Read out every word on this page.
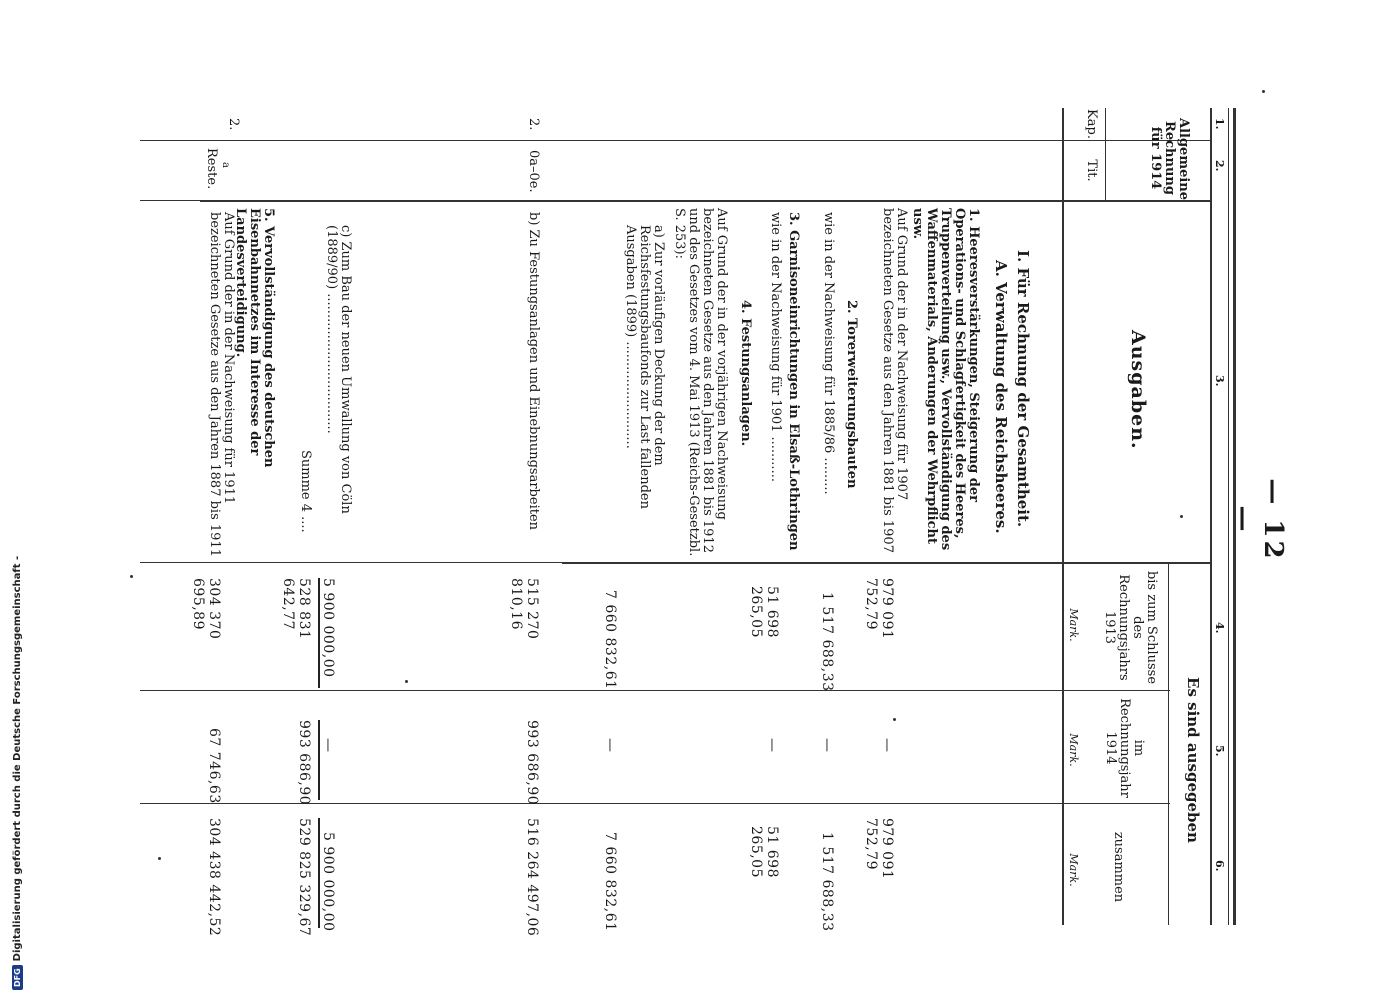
— 12 —
1.
2.
3.
4.
5.
6.
Allgemeine Rechnung für 1914
Kap.
Tit.
Ausgaben.
Es sind ausgegeben
bis zum Schlusse des Rechnungsjahrs 1913
im Rechnungsjahr 1914
zusammen
Mark.
Mark.
Mark.
I. Für Rechnung der Gesamtheit.
A. Verwaltung des Reichsheeres.
1. Heeresverstärkungen, Steigerung der Operations- und Schlagfertigkeit des Heeres, Truppenverteilung usw., Vervollständigung des Waffenmaterials, Änderungen der Wehrpflicht usw.
Auf Grund der in der Nachweisung für 1907 bezeichneten Gesetze aus den Jahren 1881 bis 1907
979 091 752,79
—
979 091 752,79
2. Torerweiterungsbauten
wie in der Nachweisung für 1885/86 .........
1 517 688,33
—
1 517 688,33
3. Garnisoneinrichtungen in Elsaß-Lothringen
wie in der Nachweisung für 1901 ...........
51 698 265,05
—
51 698 265,05
4. Festungsanlagen.
Auf Grund der in der vorjährigen Nachweisung bezeichneten Gesetze aus den Jahren 1881 bis 1912 und des Gesetzes vom 4. Mai 1913 (Reichs-Gesetzbl. S. 253):
a) Zur vorläufigen Deckung der dem Reichsfestungsbaufonds zur Last fallenden Ausgaben (1899) ..........................
7 660 832,61
—
7 660 832,61
2.
0a–0e.
b) Zu Festungsanlagen und Einebnungsarbeiten
515 270 810,16
993 686,90
516 264 497,06
c) Zum Bau der neuen Umwallung von Cöln (1889/90) ..................................
5 900 000,00
—
5 900 000,00
Summe 4 ....
528 831 642,77
993 686,90
529 825 329,67
2.
a
Reste.
5. Vervollständigung des deutschen Eisenbahnnetzes im Interesse der Landesverteidigung.
Auf Grund der in der Nachweisung für 1911 bezeichneten Gesetze aus den Jahren 1887 bis 1911
304 370 695,89
67 746,63
304 438 442,52
DFGDigitalisierung gefördert durch die Deutsche Forschungsgemeinschaft -
